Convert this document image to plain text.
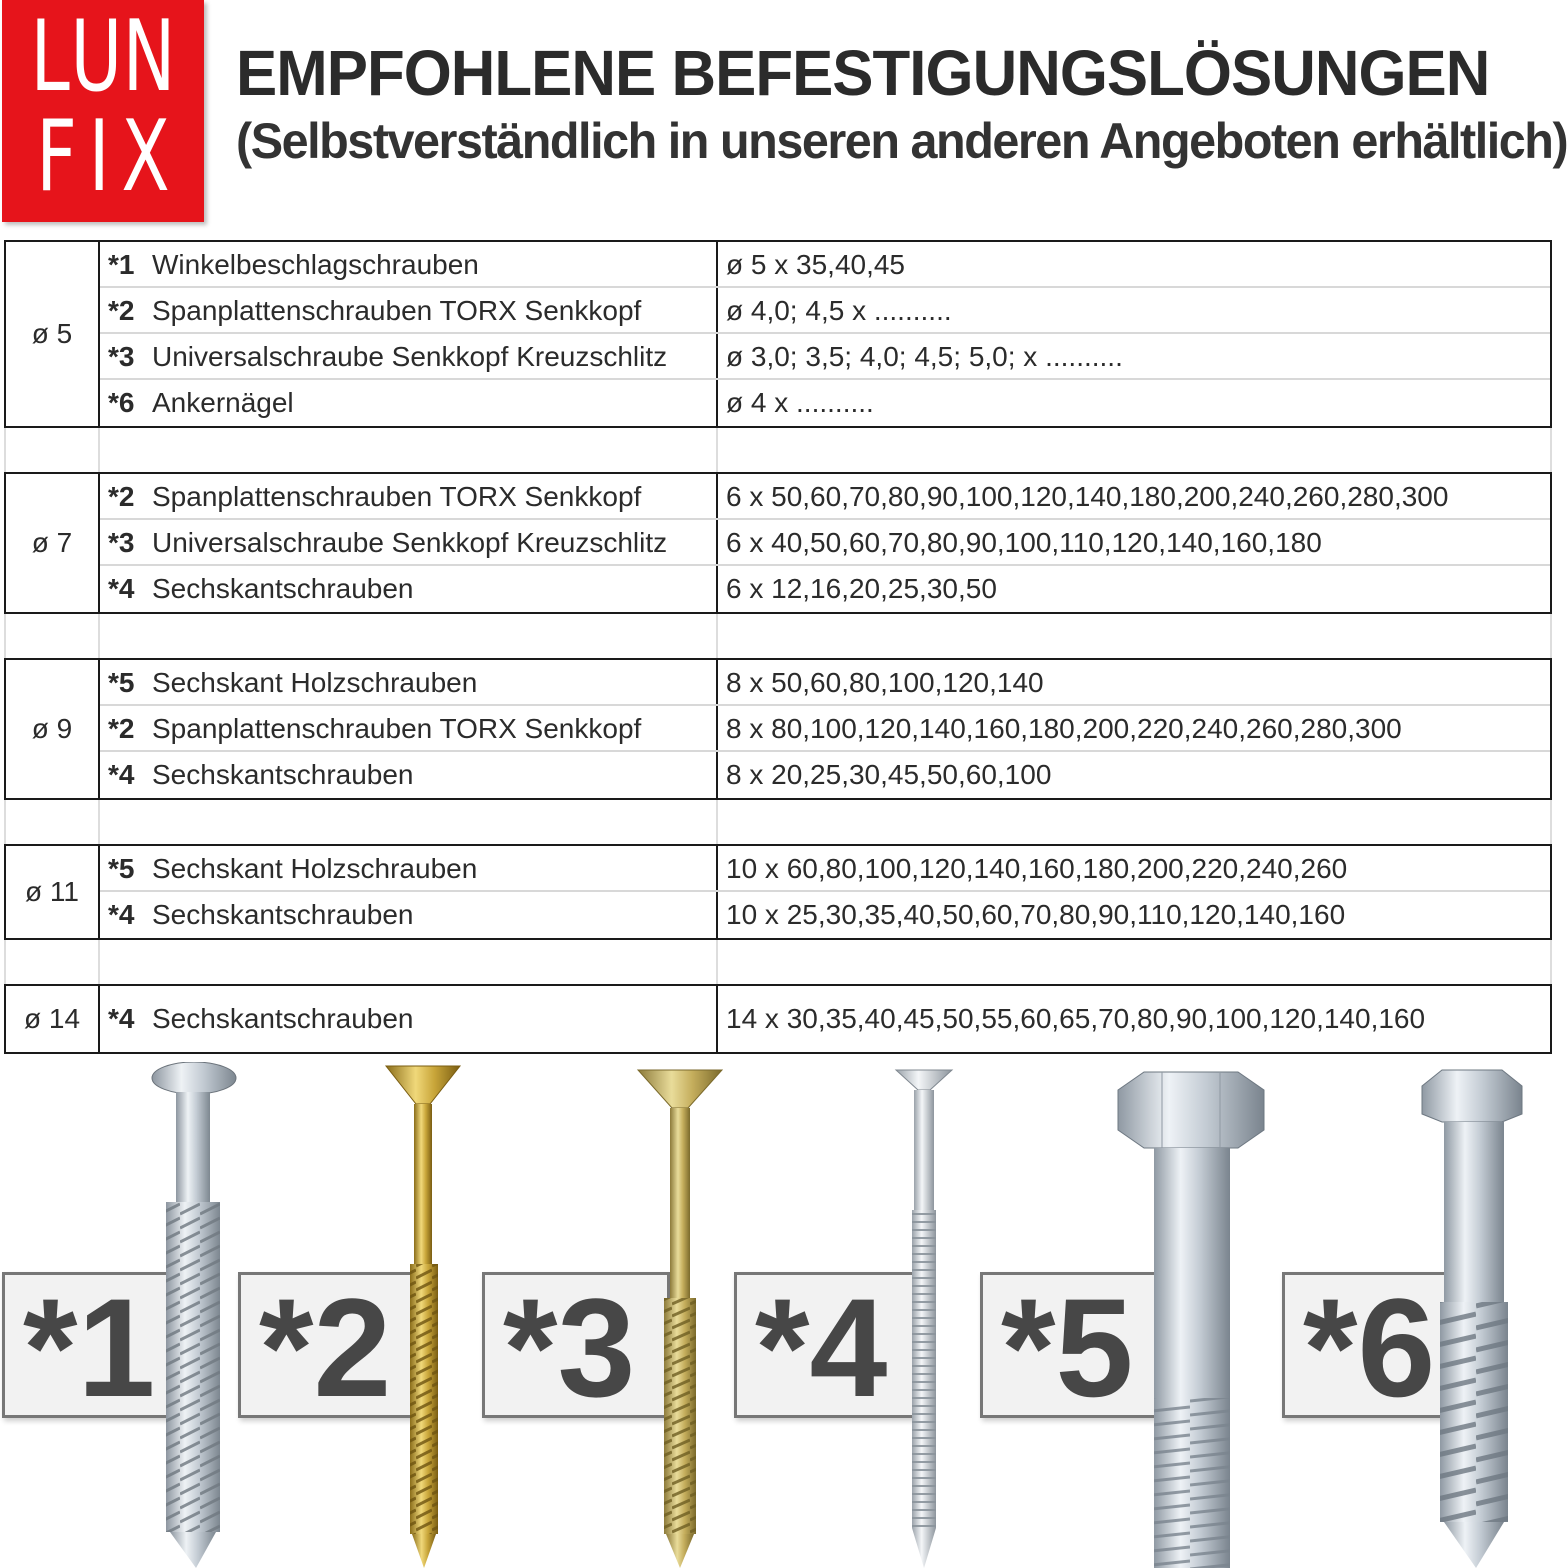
L U N
F I X
EMPFOHLENE BEFESTIGUNGSLÖSUNGEN
(Selbstverständlich in unseren anderen Angeboten erhältlich)
ø 5
*1 Winkelbeschlagschrauben	ø 5 x 35,40,45
*2 Spanplattenschrauben TORX Senkkopf	ø 4,0; 4,5 x ..........
*3 Universalschraube Senkkopf Kreuzschlitz ø 3,0; 3,5; 4,0; 4,5; 5,0; x ..........
*6 Ankernägel	ø 4 x ..........
ø 7
*2 Spanplattenschrauben TORX Senkkopf	6 x 50,60,70,80,90,100,120,140,180,200,240,260,280,300
*3 Universalschraube Senkkopf Kreuzschlitz 6 x 40,50,60,70,80,90,100,110,120,140,160,180
*4 Sechskantschrauben	6 x 12,16,20,25,30,50
ø 9
*5 Sechskant Holzschrauben	8 x 50,60,80,100,120,140
*2 Spanplattenschrauben TORX Senkkopf	8 x 80,100,120,140,160,180,200,220,240,260,280,300
*4 Sechskantschrauben	8 x 20,25,30,45,50,60,100
ø 11
*5 Sechskant Holzschrauben	10 x 60,80,100,120,140,160,180,200,220,240,260
*4 Sechskantschrauben	10 x 25,30,35,40,50,60,70,80,90,110,120,140,160
ø 14 *4 Sechskantschrauben	14 x 30,35,40,45,50,55,60,65,70,80,90,100,120,140,160
*1 *2 *3 *4 *5 *6
